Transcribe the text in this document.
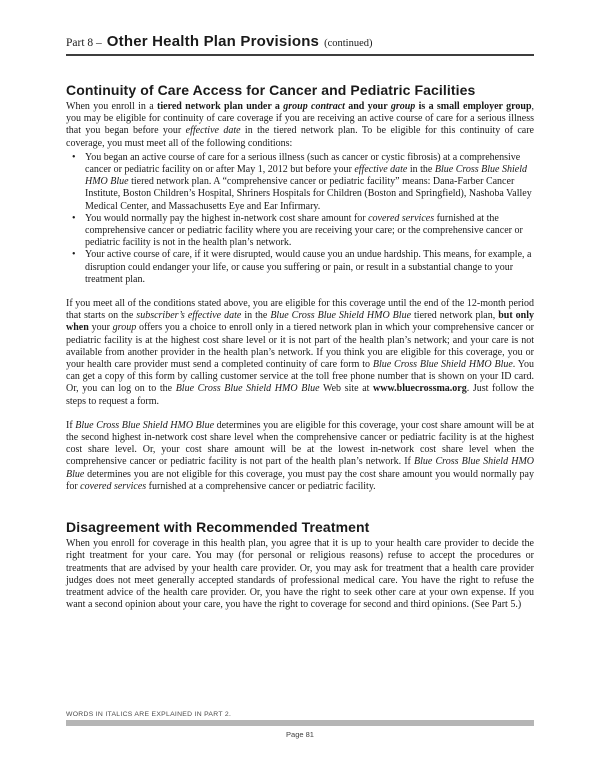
Part 8 – Other Health Plan Provisions (continued)
Continuity of Care Access for Cancer and Pediatric Facilities

When you enroll in a tiered network plan under a group contract and your group is a small employer group, you may be eligible for continuity of care coverage if you are receiving an active course of care for a serious illness that you began before your effective date in the tiered network plan. To be eligible for this continuity of care coverage, you must meet all of the following conditions:

• You began an active course of care for a serious illness (such as cancer or cystic fibrosis) at a comprehensive cancer or pediatric facility on or after May 1, 2012 but before your effective date in the Blue Cross Blue Shield HMO Blue tiered network plan. A “comprehensive cancer or pediatric facility” means: Dana-Farber Cancer Institute, Boston Children’s Hospital, Shriners Hospitals for Children (Boston and Springfield), Nashoba Valley Medical Center, and Massachusetts Eye and Ear Infirmary.
• You would normally pay the highest in-network cost share amount for covered services furnished at the comprehensive cancer or pediatric facility where you are receiving your care; or the comprehensive cancer or pediatric facility is not in the health plan’s network.
• Your active course of care, if it were disrupted, would cause you an undue hardship. This means, for example, a disruption could endanger your life, or cause you suffering or pain, or result in a substantial change to your treatment plan.

If you meet all of the conditions stated above, you are eligible for this coverage until the end of the 12-month period that starts on the subscriber’s effective date in the Blue Cross Blue Shield HMO Blue tiered network plan, but only when your group offers you a choice to enroll only in a tiered network plan in which your comprehensive cancer or pediatric facility is at the highest cost share level or it is not part of the health plan’s network; and your care is not available from another provider in the health plan’s network. If you think you are eligible for this coverage, you or your health care provider must send a completed continuity of care form to Blue Cross Blue Shield HMO Blue. You can get a copy of this form by calling customer service at the toll free phone number that is shown on your ID card. Or, you can log on to the Blue Cross Blue Shield HMO Blue Web site at www.bluecrossma.org. Just follow the steps to request a form.

If Blue Cross Blue Shield HMO Blue determines you are eligible for this coverage, your cost share amount will be at the second highest in-network cost share level when the comprehensive cancer or pediatric facility is at the highest cost share level. Or, your cost share amount will be at the lowest in-network cost share level when the comprehensive cancer or pediatric facility is not part of the health plan’s network. If Blue Cross Blue Shield HMO Blue determines you are not eligible for this coverage, you must pay the cost share amount you would normally pay for covered services furnished at a comprehensive cancer or pediatric facility.

Disagreement with Recommended Treatment

When you enroll for coverage in this health plan, you agree that it is up to your health care provider to decide the right treatment for your care. You may (for personal or religious reasons) refuse to accept the procedures or treatments that are advised by your health care provider. Or, you may ask for treatment that a health care provider judges does not meet generally accepted standards of professional medical care. You have the right to refuse the treatment advice of the health care provider. Or, you have the right to seek other care at your own expense. If you want a second opinion about your care, you have the right to coverage for second and third opinions. (See Part 5.)

WORDS IN ITALICS ARE EXPLAINED IN PART 2.
Page 81
